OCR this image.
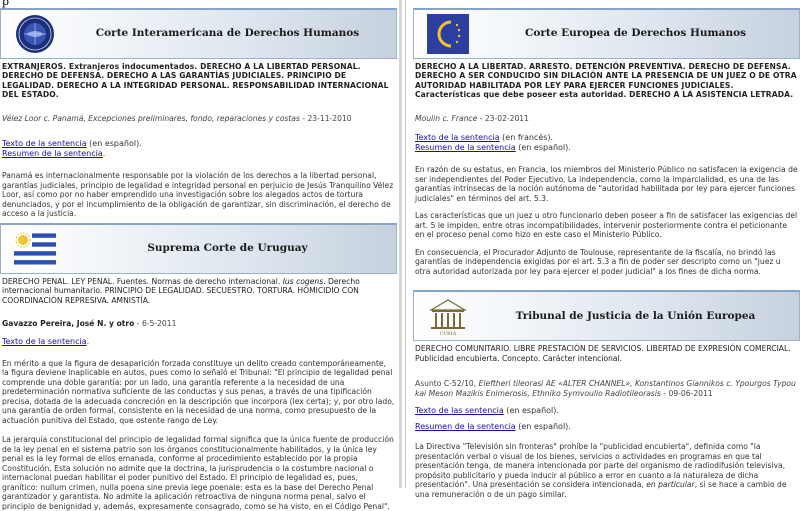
p
Corte Interamericana de Derechos Humanos

EXTRANJEROS. Extranjeros indocumentados. DERECHO A LA LIBERTAD PERSONAL. DERECHO DE DEFENSA. DERECHO A LAS GARANTÍAS JUDICIALES. PRINCIPIO DE LEGALIDAD. DERECHO A LA INTEGRIDAD PERSONAL. RESPONSABILIDAD INTERNACIONAL DEL ESTADO.

Vélez Loor c. Panamá, Excepciones preliminares, fondo, reparaciones y costas - 23-11-2010

Texto de la sentencia (en español).

Resumen de la sentencia.

Panamá es internacionalmente responsable por la violación de los derechos a la libertad personal, garantías judiciales, principio de legalidad e integridad personal en perjuicio de Jesús Tranquilino Vélez Loor, así como por no haber emprendido una investigación sobre los alegados actos de tortura denunciados, y por el incumplimiento de la obligación de garantizar, sin discriminación, el derecho de acceso a la justicia.

Suprema Corte de Uruguay

DERECHO PENAL. LEY PENAL. Fuentes. Normas de derecho internacional. Ius cogens. Derecho internacional humanitario. PRINCIPIO DE LEGALIDAD. SECUESTRO. TORTURA. HOMICIDIO CON COORDINACIÓN REPRESIVA. AMNISTÍA.

Gavazzo Pereira, José N. y otro - 6-5-2011

Texto de la sentencia.

En mérito a que la figura de desaparición forzada constituye un delito creado contemporáneamente, la figura deviene inaplicable en autos, pues como lo señaló el Tribunal: "El principio de legalidad penal comprende una doble garantía: por un lado, una garantía referente a la necesidad de una predeterminación normativa suficiente de las conductas y sus penas, a través de una tipificación precisa, dotada de la adecuada concreción en la descripción que incorpora (lex certa); y, por otro lado, una garantía de orden formal, consistente en la necesidad de una norma, como presupuesto de la actuación punitiva del Estado, que ostente rango de Ley.

La jerarquía constitucional del principio de legalidad formal significa que la única fuente de producción de la ley penal en el sistema patrio son los órganos constitucionalmente habilitados, y la única ley penal es la ley formal de ellos emanada, conforme al procedimiento establecido por la propia Constitución. Esta solución no admite que la doctrina, la jurisprudencia o la costumbre nacional o internacional puedan habilitar el poder punitivo del Estado. El principio de legalidad es, pues, granítico: nullum crimen, nulla poena sine previa lege poenale: esta es la base del Derecho Penal garantizador y garantista. No admite la aplicación retroactiva de ninguna norma penal, salvo el principio de benignidad y, además, expresamente consagrado, como se ha visto, en el Código Penal".

Corte Europea de Derechos Humanos

DERECHO A LA LIBERTAD. ARRESTO. DETENCIÓN PREVENTIVA. DERECHO DE DEFENSA. DERECHO A SER CONDUCIDO SIN DILACIÓN ANTE LA PRESENCIA DE UN JUEZ O DE OTRA AUTORIDAD HABILITADA POR LEY PARA EJERCER FUNCIONES JUDICIALES. Características que debe poseer esta autoridad. DERECHO A LA ASISTENCIA LETRADA.

Moulin c. France - 23-02-2011

Texto de la sentencia (en francés).

Resumen de la sentencia (en español).

En razón de su estatus, en Francia, los miembros del Ministerio Público no satisfacen la exigencia de ser independientes del Poder Ejecutivo. La independencia, como la imparcialidad, es una de las garantías intrínsecas de la noción autónoma de "autoridad habilitada por ley para ejercer funciones judiciales" en términos del art. 5.3.

Las características que un juez u otro funcionario deben poseer a fin de satisfacer las exigencias del art. 5 le impiden, entre otras incompatibilidades, intervenir posteriormente contra el peticionante en el proceso penal como hizo en este caso el Ministerio Público.

En consecuencia, el Procurador Adjunto de Toulouse, representante de la fiscalía, no brindó las garantías de independencia exigidas por el art. 5.3 a fin de poder ser descripto como un "juez u otra autoridad autorizada por ley para ejercer el poder judicial" a los fines de dicha norma.

CVRIA
Tribunal de Justicia de la Unión Europea

DERECHO COMUNITARIO. LIBRE PRESTACIÓN DE SERVICIOS. LIBERTAD DE EXPRESIÓN COMERCIAL. Publicidad encubierta. Concepto. Carácter intencional.

Asunto C-52/10, Eleftheri tileorasi AE «ALTER CHANNEL», Konstantinos Giannikos c. Ypourgos Typou kai Meson Mazikis Enimerosis, Ethniko Symvoulio Radiotileorasis - 09-06-2011

Texto de las sentencia (en español).

Resumen de la sentencia (en español).

La Directiva "Televisión sin fronteras" prohíbe la "publicidad encubierta", definida como "la presentación verbal o visual de los bienes, servicios o actividades en programas en que tal presentación tenga, de manera intencionada por parte del organismo de radiodifusión televisiva, propósito publicitario y pueda inducir al público a error en cuanto a la naturaleza de dicha presentación". Una presentación se considera intencionada, en particular, si se hace a cambio de una remuneración o de un pago similar.
